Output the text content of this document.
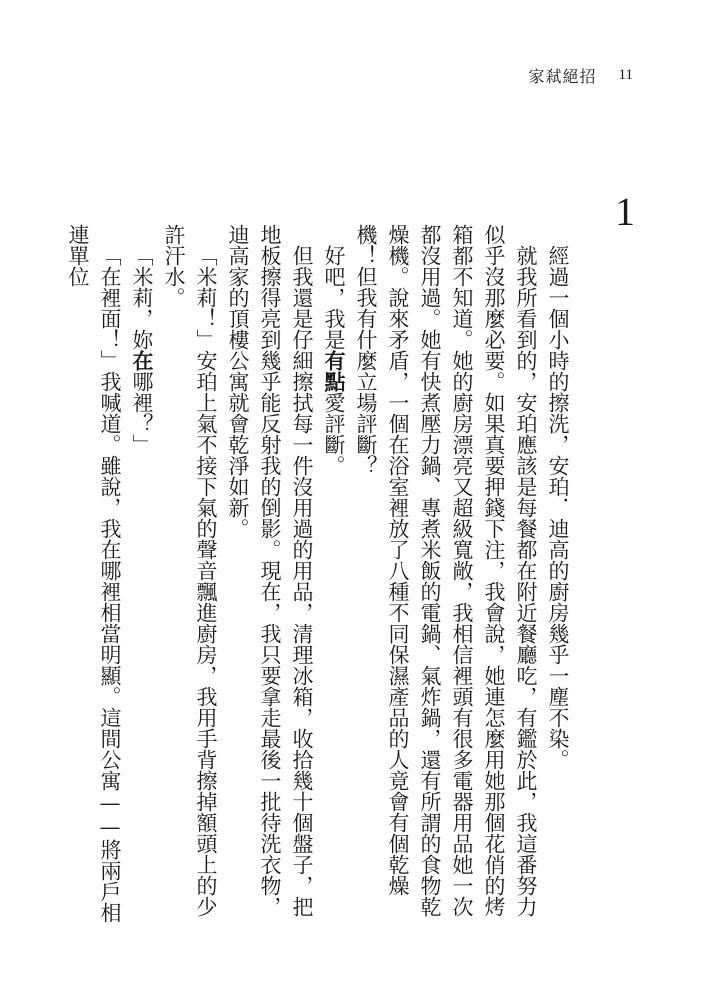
家弒絕招 11
1

經過一個小時的擦洗，安珀．迪高的廚房幾乎一塵不染。

就我所看到的，安珀應該是每餐都在附近餐廳吃，有鑑於此，我這番努力似乎沒那麼必要。如果真要押錢下注，我會說，她連怎麼用她那個花俏的烤箱都不知道。她的廚房漂亮又超級寬敞，我相信裡頭有很多電器用品她一次都沒用過。她有快煮壓力鍋、專煮米飯的電鍋、氣炸鍋，還有所謂的食物乾燥機。說來矛盾，一個在浴室裡放了八種不同保濕產品的人竟會有個乾燥機！但我有什麼立場評斷？

好吧，我是有點愛評斷。

但我還是仔細擦拭每一件沒用過的用品，清理冰箱，收拾幾十個盤子，把地板擦得亮到幾乎能反射我的倒影。現在，我只要拿走最後一批待洗衣物，迪高家的頂樓公寓就會乾淨如新。

「米莉！」安珀上氣不接下氣的聲音飄進廚房，我用手背擦掉額頭上的少許汗水。

「米莉，妳在哪裡？」

「在裡面！」我喊道。雖說，我在哪裡相當明顯。這間公寓——將兩戶相連單位
